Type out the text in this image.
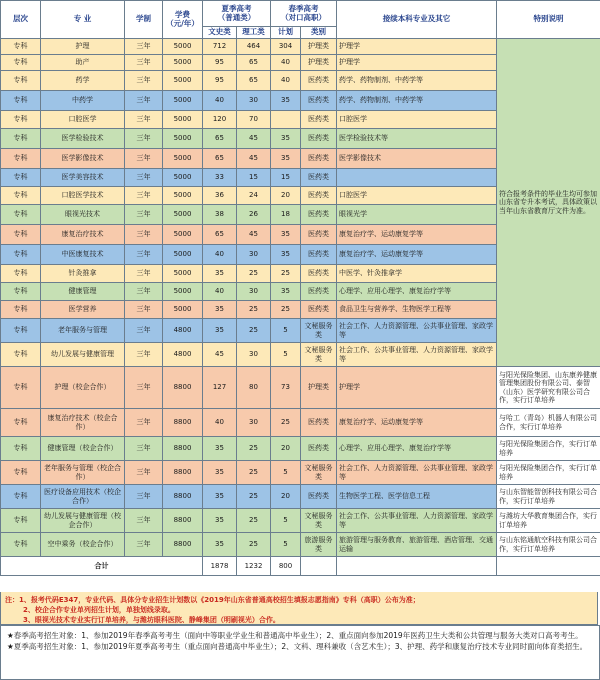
层次	专 业	学制	学费
（元/年）	夏季高考
（普通类）		春季高考
（对口高职）		接续本科专业及其它	特别说明
				文史类	理工类	计划	类别		
专科	护理	三年	5000	712	464	304	护理类	护理学	符合报考条件的毕业生均可参加山东省专升本考试，具体政策以当年山东省教育厅文件为准。
专科	助产	三年	5000	95	65	40	护理类	护理学	
专科	药学	三年	5000	95	65	40	医药类	药学、药物制剂、中药学等	
专科	中药学	三年	5000	40	30	35	医药类	药学、药物制剂、中药学等	
专科	口腔医学	三年	5000	120	70		医药类	口腔医学	
专科	医学检验技术	三年	5000	65	45	35	医药类	医学检验技术等	
专科	医学影像技术	三年	5000	65	45	35	医药类	医学影像技术	
专科	医学美容技术	三年	5000	33	15	15	医药类		
专科	口腔医学技术	三年	5000	36	24	20	医药类	口腔医学	
专科	眼视光技术	三年	5000	38	26	18	医药类	眼视光学	
专科	康复治疗技术	三年	5000	65	45	35	医药类	康复治疗学、运动康复学等	
专科	中医康复技术	三年	5000	40	30	35	医药类	康复治疗学、运动康复学等	
专科	针灸推拿	三年	5000	35	25	25	医药类	中医学、针灸推拿学	
专科	健康管理	三年	5000	40	30	35	医药类	心理学、应用心理学、康复治疗学等	
专科	医学营养	三年	5000	35	25	25	医药类	食品卫生与营养学、生物医学工程等	
专科	老年服务与管理	三年	4800	35	25	5	文秘服务类	社会工作、人力资源管理、公共事业管理、家政学等	
专科	幼儿发展与健康管理	三年	4800	45	30	5	文秘服务类	社会工作、公共事业管理、人力资源管理、家政学等	
专科	护理（校企合作）	三年	8800	127	80	73	护理类	护理学	与阳光保险集团、山东康养健康管理集团股份有限公司、泰智（山东）医学研究有限公司合作，实行订单培养
专科	康复治疗技术（校企合作）	三年	8800	40	30	25	医药类	康复治疗学、运动康复学等	与哈工（青岛）机器人有限公司合作，实行订单培养
专科	健康管理（校企合作）	三年	8800	35	25	20	医药类	心理学、应用心理学、康复治疗学等	与阳光保险集团合作，实行订单培养
专科	老年服务与管理（校企合作）	三年	8800	35	25	5	文秘服务类	社会工作、人力资源管理、公共事业管理、家政学等	与阳光保险集团合作，实行订单培养
专科	医疗设备应用技术（校企合作）	三年	8800	35	25	20	医药类	生物医学工程、医学信息工程	与山东智能智创科技有限公司合作，实行订单培养
专科	幼儿发展与健康管理（校企合作）	三年	8800	35	25	5	文秘服务类	社会工作、公共事业管理、人力资源管理、家政学等	与潍坊大华教育集团合作，实行订单培养
专科	空中乘务（校企合作）	三年	8800	35	25	5	旅游服务类	旅游管理与服务教育、旅游管理、酒店管理、交通运输	与山东铭通航空科技有限公司合作，实行订单培养
合计				1878	1232	800			
注：1、报考代码E347，专业代码、具体分专业招生计划数以《2019年山东省普通高校招生填报志愿指南》专科（高职）公布为准；
2、校企合作专业单列招生计划，单独划线录取。
3、眼视光技术专业实行订单培养，与潍坊眼科医院、静峰集团（明刷视光）合作。
★春季高考招生对象：1、参加2019年春季高考考生（面向中等职业学业生和普通高中毕业生）；2、重点面向参加2019年医药卫生大类和公共管理与服务大类对口高考考生。
★夏季高考招生对象：1、参加2019年夏季高考考生（重点面向普通高中毕业生）；2、文科、理科兼收（含艺术生）；3、护理、药学和康复治疗技术专业同时面向体育类招生。
